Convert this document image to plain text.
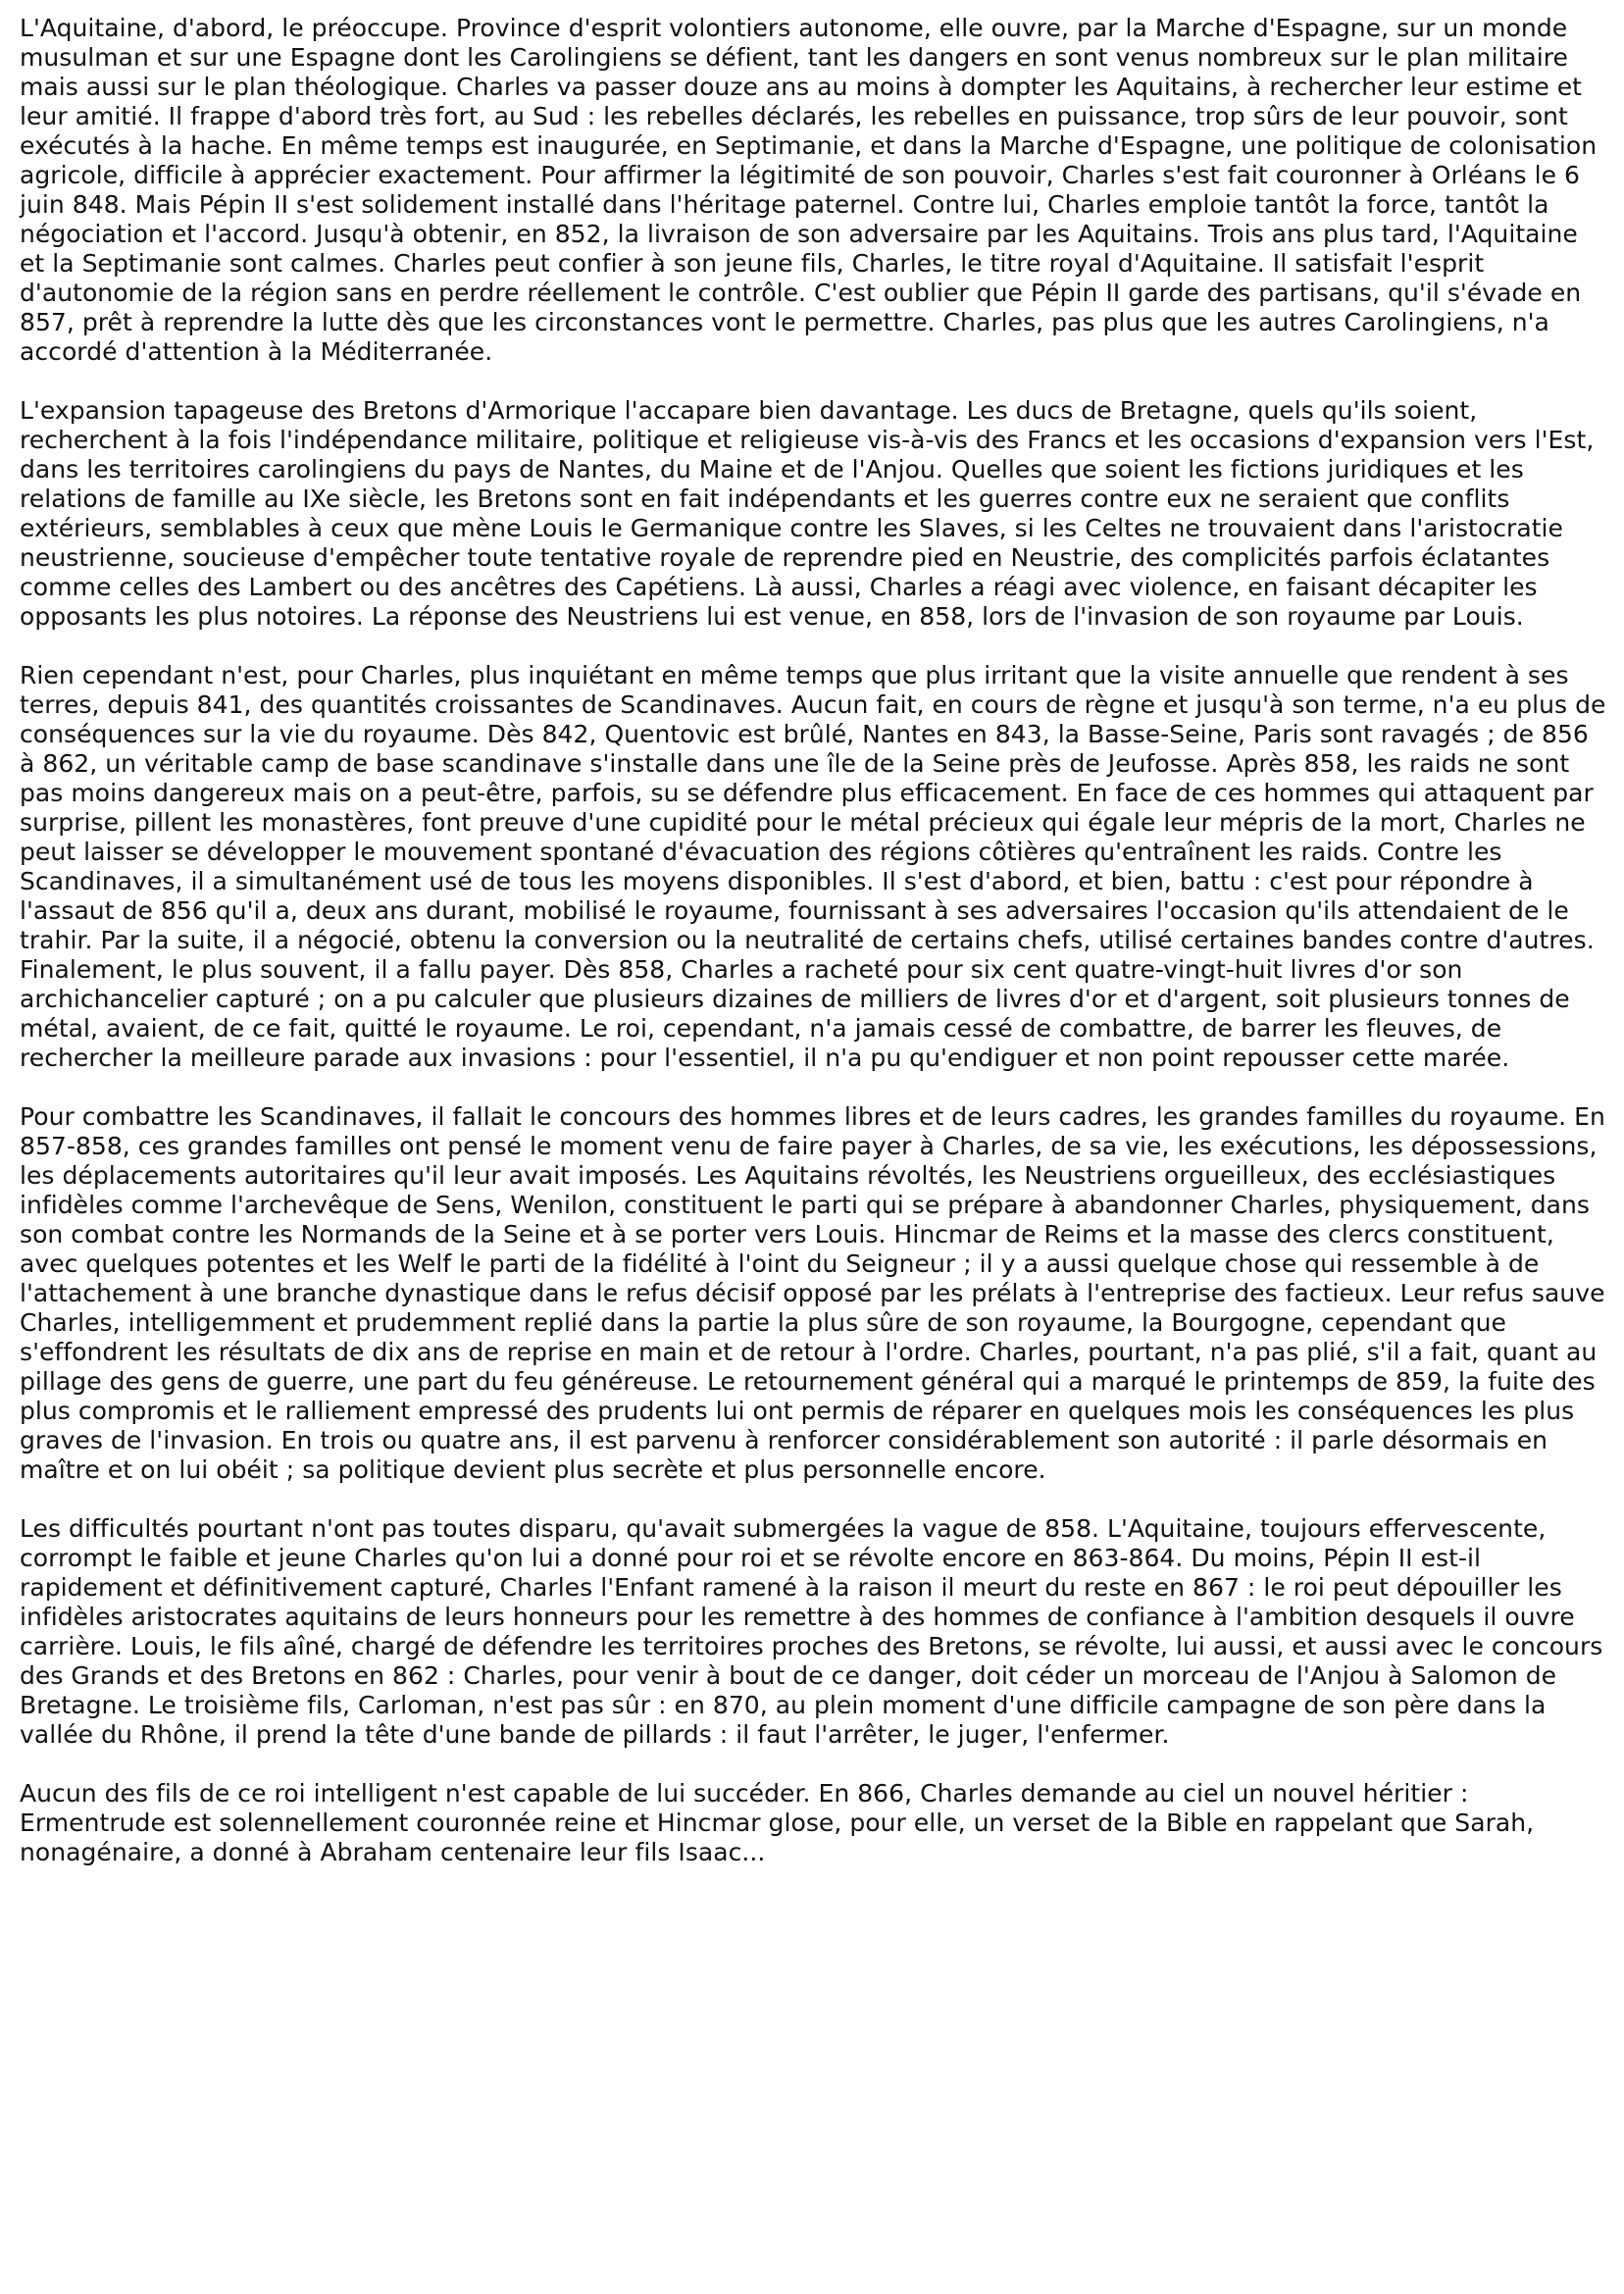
L'Aquitaine, d'abord, le préoccupe. Province d'esprit volontiers autonome, elle ouvre, par la Marche d'Espagne, sur un monde musulman et sur une Espagne dont les Carolingiens se défient, tant les dangers en sont venus nombreux sur le plan militaire mais aussi sur le plan théologique. Charles va passer douze ans au moins à dompter les Aquitains, à rechercher leur estime et leur amitié. Il frappe d'abord très fort, au Sud : les rebelles déclarés, les rebelles en puissance, trop sûrs de leur pouvoir, sont exécutés à la hache. En même temps est inaugurée, en Septimanie, et dans la Marche d'Espagne, une politique de colonisation agricole, difficile à apprécier exactement. Pour affirmer la légitimité de son pouvoir, Charles s'est fait couronner à Orléans le 6 juin 848. Mais Pépin II s'est solidement installé dans l'héritage paternel. Contre lui, Charles emploie tantôt la force, tantôt la négociation et l'accord. Jusqu'à obtenir, en 852, la livraison de son adversaire par les Aquitains. Trois ans plus tard, l'Aquitaine et la Septimanie sont calmes. Charles peut confier à son jeune fils, Charles, le titre royal d'Aquitaine. Il satisfait l'esprit d'autonomie de la région sans en perdre réellement le contrôle. C'est oublier que Pépin II garde des partisans, qu'il s'évade en 857, prêt à reprendre la lutte dès que les circonstances vont le permettre. Charles, pas plus que les autres Carolingiens, n'a accordé d'attention à la Méditerranée.

L'expansion tapageuse des Bretons d'Armorique l'accapare bien davantage. Les ducs de Bretagne, quels qu'ils soient, recherchent à la fois l'indépendance militaire, politique et religieuse vis-à-vis des Francs et les occasions d'expansion vers l'Est, dans les territoires carolingiens du pays de Nantes, du Maine et de l'Anjou. Quelles que soient les fictions juridiques et les relations de famille au IXe siècle, les Bretons sont en fait indépendants et les guerres contre eux ne seraient que conflits extérieurs, semblables à ceux que mène Louis le Germanique contre les Slaves, si les Celtes ne trouvaient dans l'aristocratie neustrienne, soucieuse d'empêcher toute tentative royale de reprendre pied en Neustrie, des complicités parfois éclatantes comme celles des Lambert ou des ancêtres des Capétiens. Là aussi, Charles a réagi avec violence, en faisant décapiter les opposants les plus notoires. La réponse des Neustriens lui est venue, en 858, lors de l'invasion de son royaume par Louis.

Rien cependant n'est, pour Charles, plus inquiétant en même temps que plus irritant que la visite annuelle que rendent à ses terres, depuis 841, des quantités croissantes de Scandinaves. Aucun fait, en cours de règne et jusqu'à son terme, n'a eu plus de conséquences sur la vie du royaume. Dès 842, Quentovic est brûlé, Nantes en 843, la Basse-Seine, Paris sont ravagés ; de 856 à 862, un véritable camp de base scandinave s'installe dans une île de la Seine près de Jeufosse. Après 858, les raids ne sont pas moins dangereux mais on a peut-être, parfois, su se défendre plus efficacement. En face de ces hommes qui attaquent par surprise, pillent les monastères, font preuve d'une cupidité pour le métal précieux qui égale leur mépris de la mort, Charles ne peut laisser se développer le mouvement spontané d'évacuation des régions côtières qu'entraînent les raids. Contre les Scandinaves, il a simultanément usé de tous les moyens disponibles. Il s'est d'abord, et bien, battu : c'est pour répondre à l'assaut de 856 qu'il a, deux ans durant, mobilisé le royaume, fournissant à ses adversaires l'occasion qu'ils attendaient de le trahir. Par la suite, il a négocié, obtenu la conversion ou la neutralité de certains chefs, utilisé certaines bandes contre d'autres. Finalement, le plus souvent, il a fallu payer. Dès 858, Charles a racheté pour six cent quatre-vingt-huit livres d'or son archichancelier capturé ; on a pu calculer que plusieurs dizaines de milliers de livres d'or et d'argent, soit plusieurs tonnes de métal, avaient, de ce fait, quitté le royaume. Le roi, cependant, n'a jamais cessé de combattre, de barrer les fleuves, de rechercher la meilleure parade aux invasions : pour l'essentiel, il n'a pu qu'endiguer et non point repousser cette marée.

Pour combattre les Scandinaves, il fallait le concours des hommes libres et de leurs cadres, les grandes familles du royaume. En 857-858, ces grandes familles ont pensé le moment venu de faire payer à Charles, de sa vie, les exécutions, les dépossessions, les déplacements autoritaires qu'il leur avait imposés. Les Aquitains révoltés, les Neustriens orgueilleux, des ecclésiastiques infidèles comme l'archevêque de Sens, Wenilon, constituent le parti qui se prépare à abandonner Charles, physiquement, dans son combat contre les Normands de la Seine et à se porter vers Louis. Hincmar de Reims et la masse des clercs constituent, avec quelques potentes et les Welf le parti de la fidélité à l'oint du Seigneur ; il y a aussi quelque chose qui ressemble à de l'attachement à une branche dynastique dans le refus décisif opposé par les prélats à l'entreprise des factieux. Leur refus sauve Charles, intelligemment et prudemment replié dans la partie la plus sûre de son royaume, la Bourgogne, cependant que s'effondrent les résultats de dix ans de reprise en main et de retour à l'ordre. Charles, pourtant, n'a pas plié, s'il a fait, quant au pillage des gens de guerre, une part du feu généreuse. Le retournement général qui a marqué le printemps de 859, la fuite des plus compromis et le ralliement empressé des prudents lui ont permis de réparer en quelques mois les conséquences les plus graves de l'invasion. En trois ou quatre ans, il est parvenu à renforcer considérablement son autorité : il parle désormais en maître et on lui obéit ; sa politique devient plus secrète et plus personnelle encore.

Les difficultés pourtant n'ont pas toutes disparu, qu'avait submergées la vague de 858. L'Aquitaine, toujours effervescente, corrompt le faible et jeune Charles qu'on lui a donné pour roi et se révolte encore en 863-864. Du moins, Pépin II est-il rapidement et définitivement capturé, Charles l'Enfant ramené à la raison il meurt du reste en 867 : le roi peut dépouiller les infidèles aristocrates aquitains de leurs honneurs pour les remettre à des hommes de confiance à l'ambition desquels il ouvre carrière. Louis, le fils aîné, chargé de défendre les territoires proches des Bretons, se révolte, lui aussi, et aussi avec le concours des Grands et des Bretons en 862 : Charles, pour venir à bout de ce danger, doit céder un morceau de l'Anjou à Salomon de Bretagne. Le troisième fils, Carloman, n'est pas sûr : en 870, au plein moment d'une difficile campagne de son père dans la vallée du Rhône, il prend la tête d'une bande de pillards : il faut l'arrêter, le juger, l'enfermer.

Aucun des fils de ce roi intelligent n'est capable de lui succéder. En 866, Charles demande au ciel un nouvel héritier : Ermentrude est solennellement couronnée reine et Hincmar glose, pour elle, un verset de la Bible en rappelant que Sarah, nonagénaire, a donné à Abraham centenaire leur fils Isaac...
